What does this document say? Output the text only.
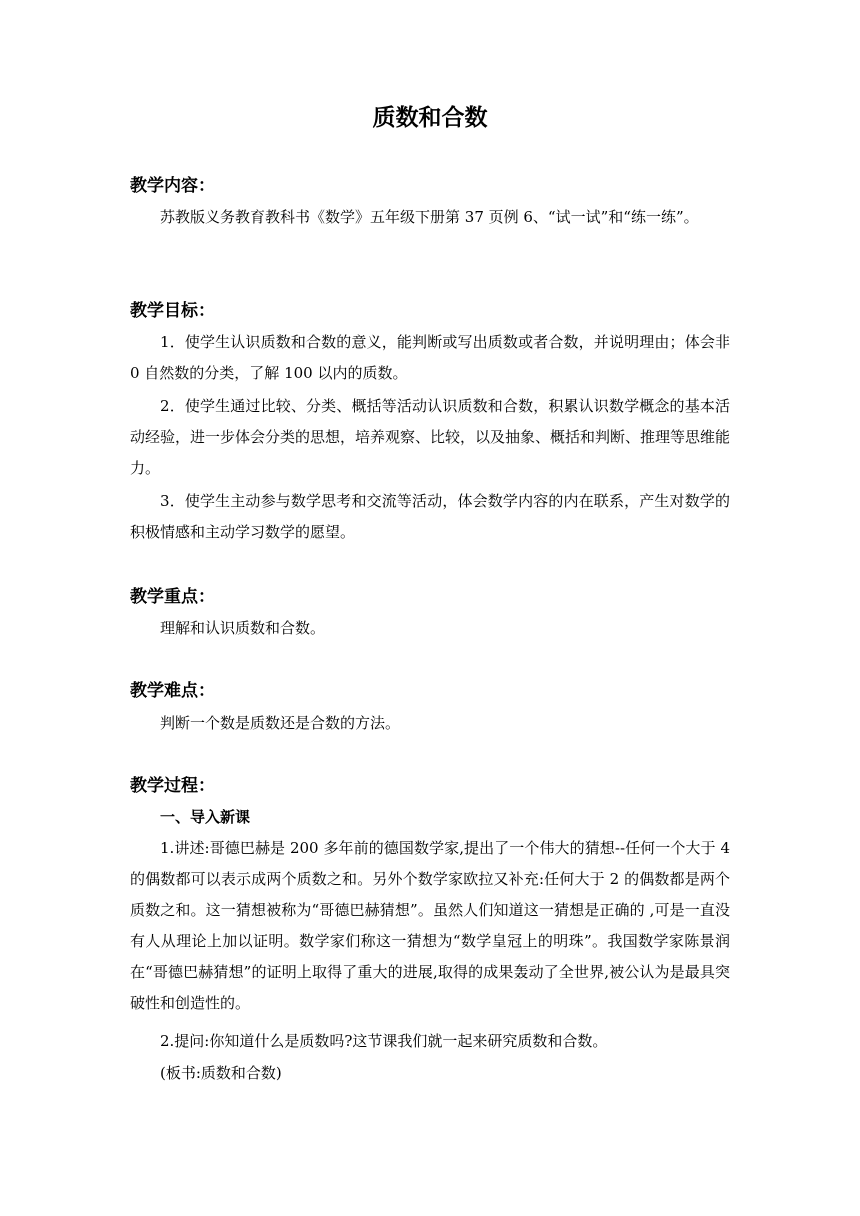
质数和合数
教学内容：

苏教版义务教育教科书《数学》五年级下册第 37 页例 6、“试一试”和“练一练”。

教学目标：

1．使学生认识质数和合数的意义，能判断或写出质数或者合数，并说明理由；体会非 0 自然数的分类，了解 100 以内的质数。

2．使学生通过比较、分类、概括等活动认识质数和合数，积累认识数学概念的基本活动经验，进一步体会分类的思想，培养观察、比较，以及抽象、概括和判断、推理等思维能力。

3．使学生主动参与数学思考和交流等活动，体会数学内容的内在联系，产生对数学的积极情感和主动学习数学的愿望。

教学重点：

理解和认识质数和合数。

教学难点：

判断一个数是质数还是合数的方法。

教学过程：
一、导入新课

1.讲述:哥德巴赫是 200 多年前的德国数学家,提出了一个伟大的猜想--任何一个大于 4 的偶数都可以表示成两个质数之和。另外个数学家欧拉又补充:任何大于 2 的偶数都是两个质数之和。这一猜想被称为“哥德巴赫猜想”。虽然人们知道这一猜想是正确的 ,可是一直没有人从理论上加以证明。数学家们称这一猜想为“数学皇冠上的明珠”。我国数学家陈景润在“哥德巴赫猜想”的证明上取得了重大的进展,取得的成果轰动了全世界,被公认为是最具突破性和创造性的。

2.提问:你知道什么是质数吗?这节课我们就一起来研究质数和合数。

(板书:质数和合数)
